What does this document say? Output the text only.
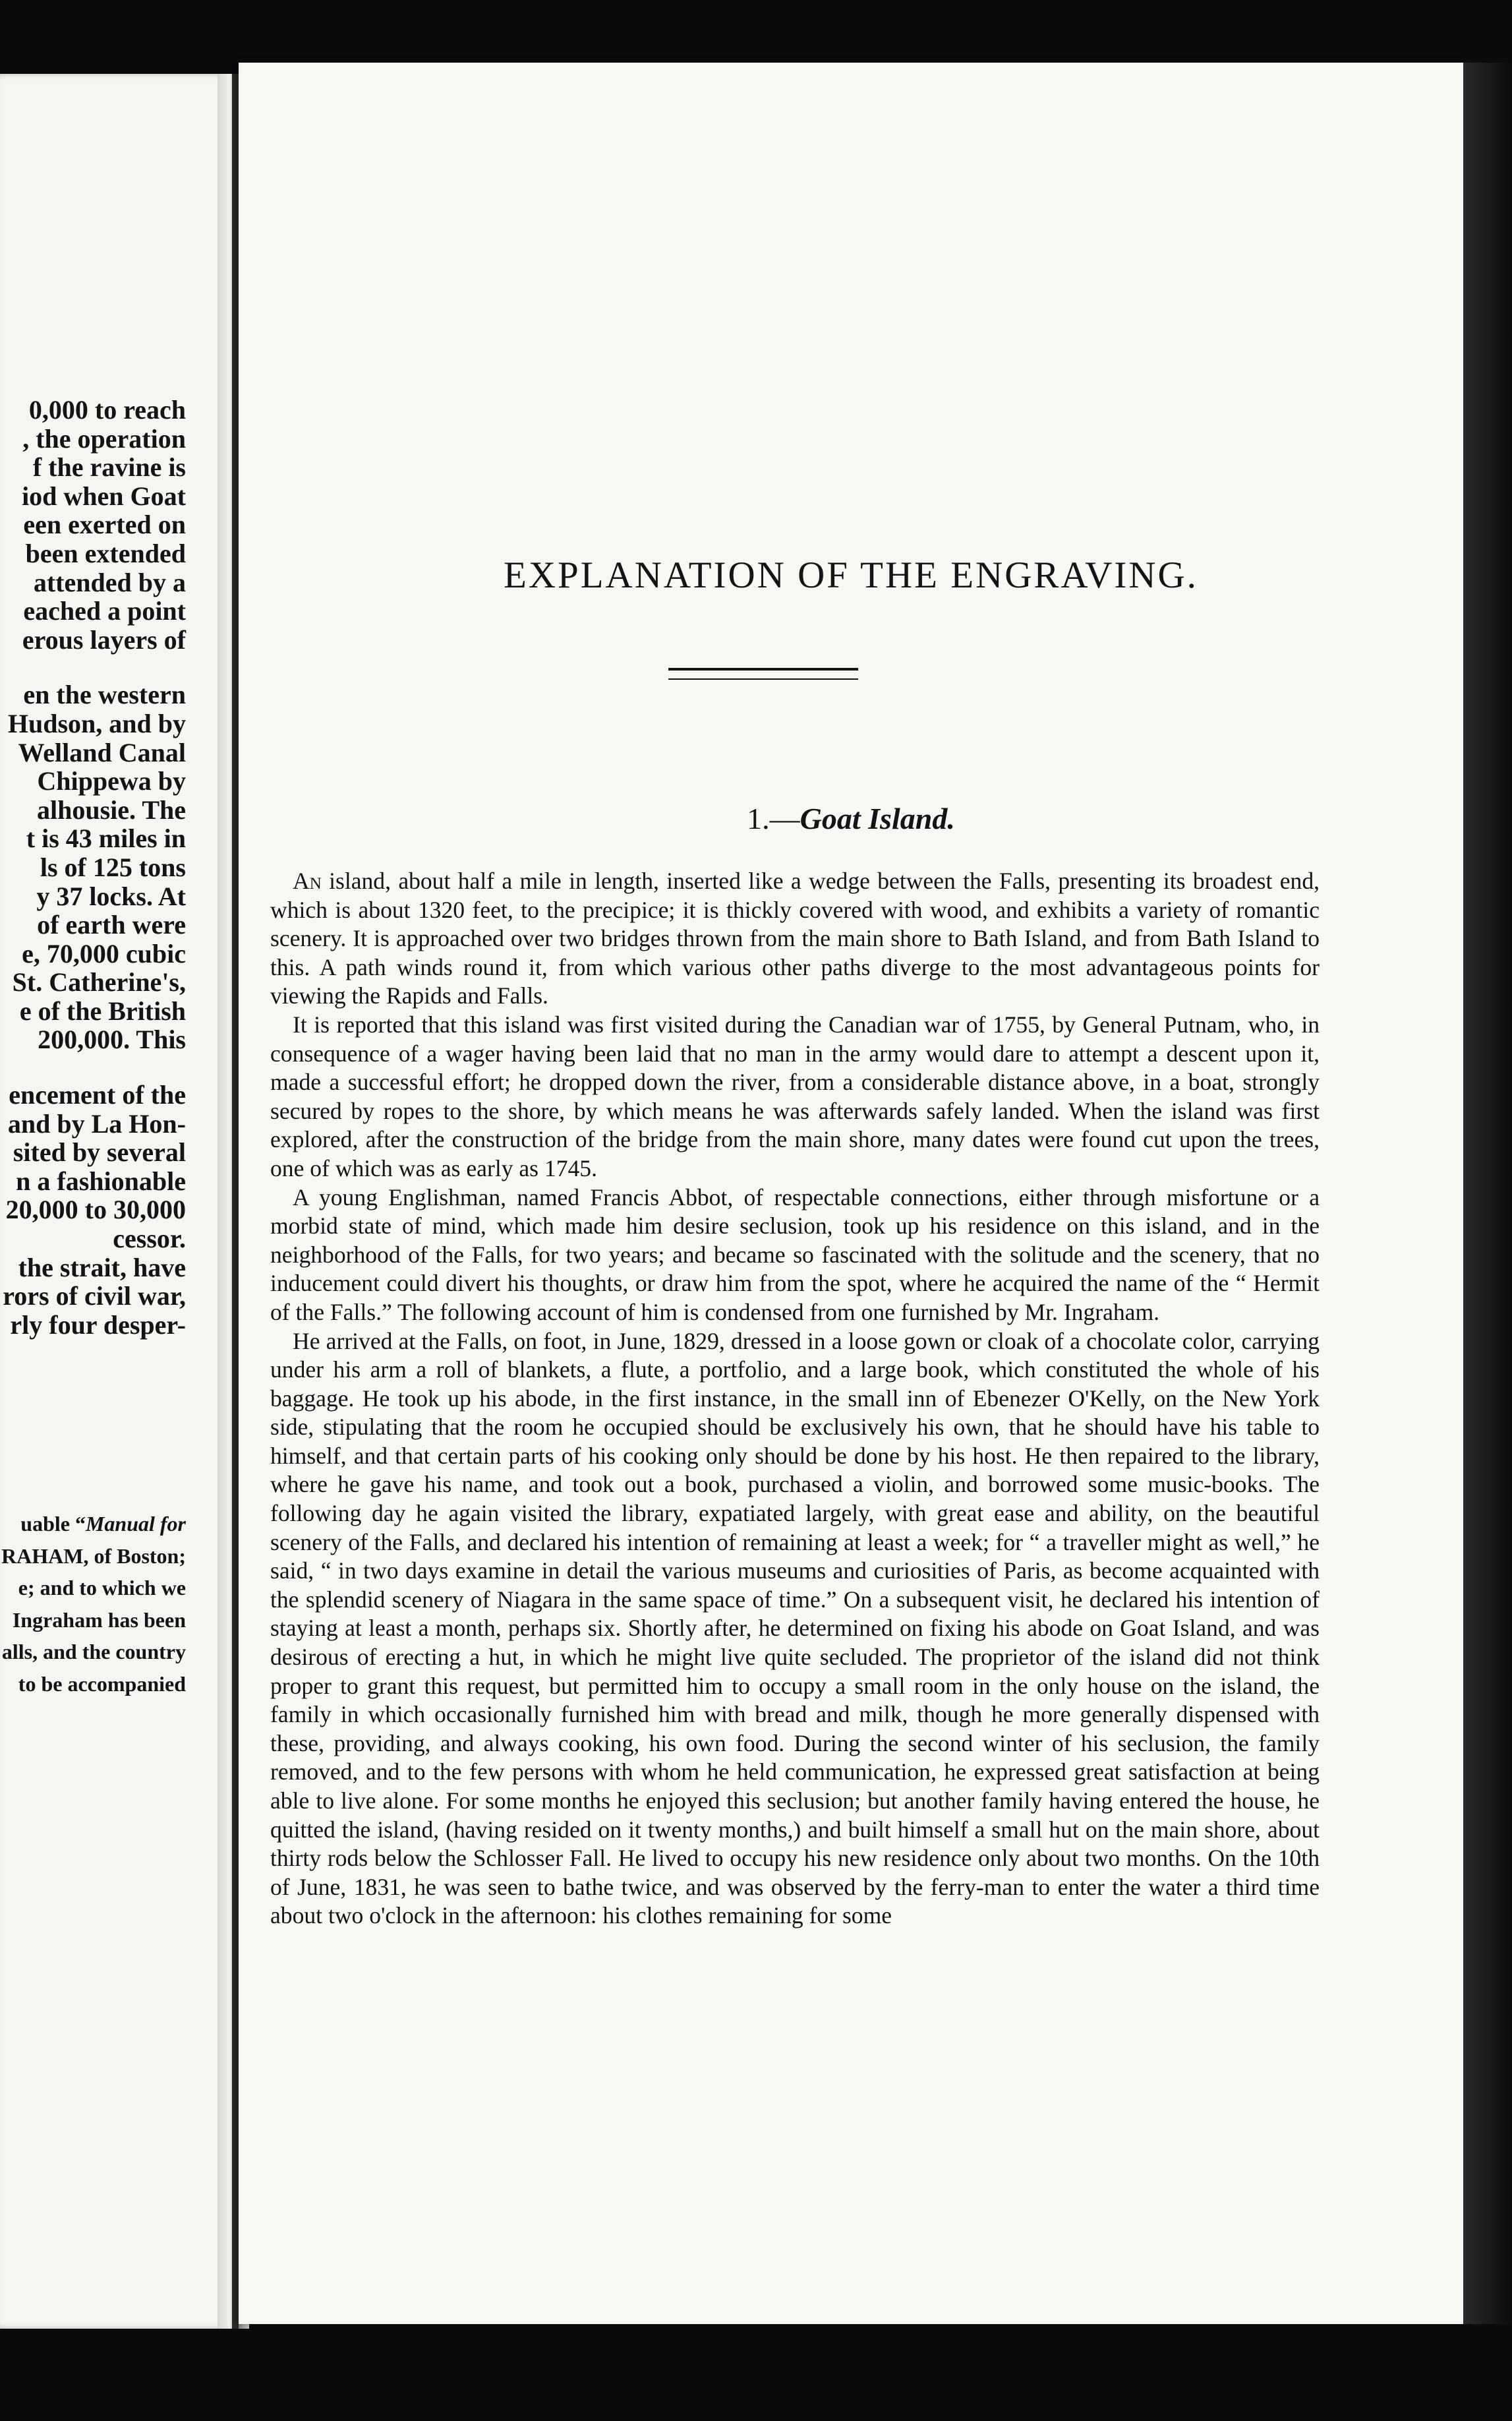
0,000 to reach
, the operation
f the ravine is
iod when Goat
een exerted on
been extended
attended by a
eached a point
erous layers of
en the western
Hudson, and by
Welland Canal
Chippewa by
alhousie. The
t is 43 miles in
ls of 125 tons
y 37 locks. At
of earth were
e, 70,000 cubic
St. Catherine's,
e of the British
200,000. This
encement of the
and by La Hon-
sited by several
n a fashionable
20,000 to 30,000
cessor.
the strait, have
rors of civil war,
rly four desper-
uable “Manual for
RAHAM, of Boston;
e; and to which we
Ingraham has been
alls, and the country
to be accompanied
EXPLANATION OF THE ENGRAVING.
1.—Goat Island.

An island, about half a mile in length, inserted like a wedge between the Falls, presenting its broadest end, which is about 1320 feet, to the precipice; it is thickly covered with wood, and exhibits a variety of romantic scenery. It is approached over two bridges thrown from the main shore to Bath Island, and from Bath Island to this. A path winds round it, from which various other paths diverge to the most advantageous points for viewing the Rapids and Falls.

It is reported that this island was first visited during the Canadian war of 1755, by General Putnam, who, in consequence of a wager having been laid that no man in the army would dare to attempt a descent upon it, made a successful effort; he dropped down the river, from a considerable distance above, in a boat, strongly secured by ropes to the shore, by which means he was afterwards safely landed. When the island was first explored, after the construction of the bridge from the main shore, many dates were found cut upon the trees, one of which was as early as 1745.

A young Englishman, named Francis Abbot, of respectable connections, either through misfortune or a morbid state of mind, which made him desire seclusion, took up his residence on this island, and in the neighborhood of the Falls, for two years; and became so fascinated with the solitude and the scenery, that no inducement could divert his thoughts, or draw him from the spot, where he acquired the name of the “ Hermit of the Falls.” The following account of him is condensed from one furnished by Mr. Ingraham.

He arrived at the Falls, on foot, in June, 1829, dressed in a loose gown or cloak of a chocolate color, carrying under his arm a roll of blankets, a flute, a portfolio, and a large book, which constituted the whole of his baggage. He took up his abode, in the first instance, in the small inn of Ebenezer O'Kelly, on the New York side, stipulating that the room he occupied should be exclusively his own, that he should have his table to himself, and that certain parts of his cooking only should be done by his host. He then repaired to the library, where he gave his name, and took out a book, purchased a violin, and borrowed some music-books. The following day he again visited the library, expatiated largely, with great ease and ability, on the beautiful scenery of the Falls, and declared his intention of remaining at least a week; for “ a traveller might as well,” he said, “ in two days examine in detail the various museums and curiosities of Paris, as become acquainted with the splendid scenery of Niagara in the same space of time.” On a subsequent visit, he declared his intention of staying at least a month, perhaps six. Shortly after, he determined on fixing his abode on Goat Island, and was desirous of erecting a hut, in which he might live quite secluded. The proprietor of the island did not think proper to grant this request, but permitted him to occupy a small room in the only house on the island, the family in which occasionally furnished him with bread and milk, though he more generally dispensed with these, providing, and always cooking, his own food. During the second winter of his seclusion, the family removed, and to the few persons with whom he held communication, he expressed great satisfaction at being able to live alone. For some months he enjoyed this seclusion; but another family having entered the house, he quitted the island, (having resided on it twenty months,) and built himself a small hut on the main shore, about thirty rods below the Schlosser Fall. He lived to occupy his new residence only about two months. On the 10th of June, 1831, he was seen to bathe twice, and was observed by the ferry-man to enter the water a third time about two o'clock in the afternoon: his clothes remaining for some
